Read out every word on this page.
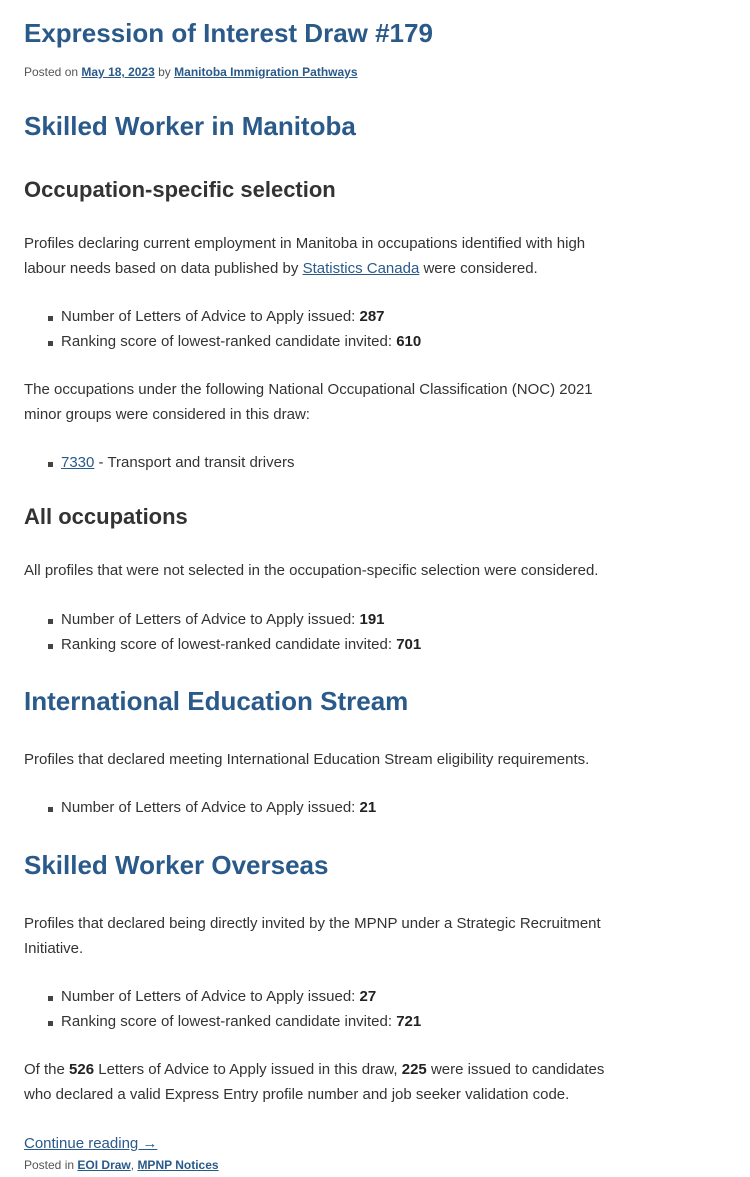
Expression of Interest Draw #179
Posted on May 18, 2023 by Manitoba Immigration Pathways
Skilled Worker in Manitoba
Occupation-specific selection

Profiles declaring current employment in Manitoba in occupations identified with high labour needs based on data published by Statistics Canada were considered.

Number of Letters of Advice to Apply issued: 287
Ranking score of lowest-ranked candidate invited: 610

The occupations under the following National Occupational Classification (NOC) 2021 minor groups were considered in this draw:

7330 - Transport and transit drivers
All occupations

All profiles that were not selected in the occupation-specific selection were considered.

Number of Letters of Advice to Apply issued: 191
Ranking score of lowest-ranked candidate invited: 701
International Education Stream

Profiles that declared meeting International Education Stream eligibility requirements.

Number of Letters of Advice to Apply issued: 21
Skilled Worker Overseas

Profiles that declared being directly invited by the MPNP under a Strategic Recruitment Initiative.

Number of Letters of Advice to Apply issued: 27
Ranking score of lowest-ranked candidate invited: 721

Of the 526 Letters of Advice to Apply issued in this draw, 225 were issued to candidates who declared a valid Express Entry profile number and job seeker validation code.

Continue reading →
Posted in EOI Draw, MPNP Notices
